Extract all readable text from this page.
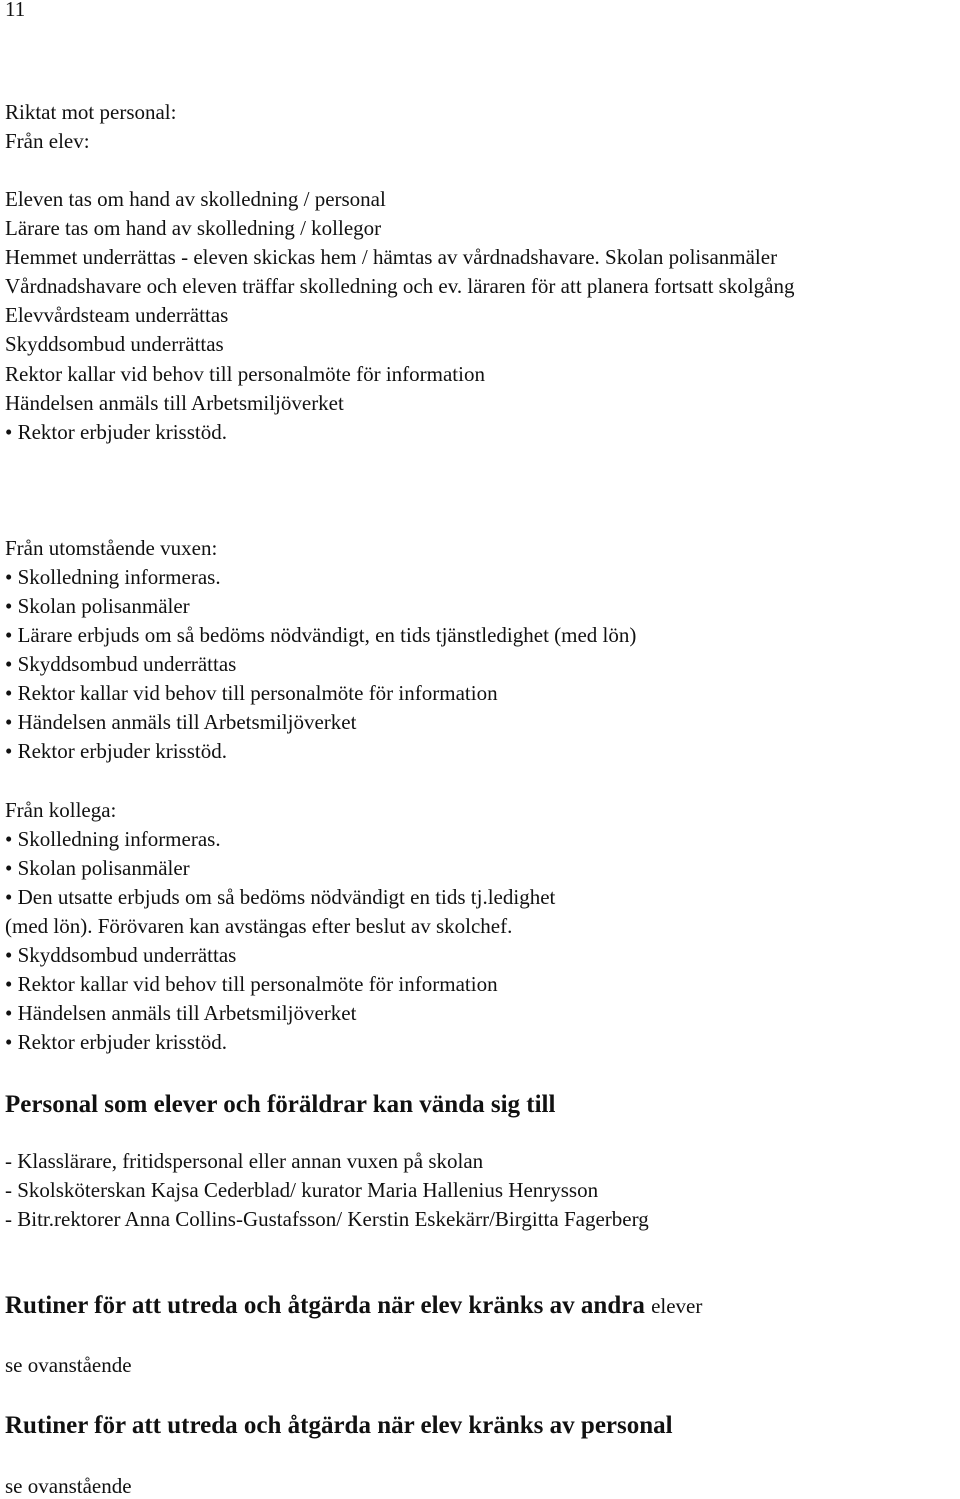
11
Riktat mot personal:
Från elev:
Eleven tas om hand av skolledning / personal
Lärare tas om hand av skolledning / kollegor
Hemmet underrättas - eleven skickas hem / hämtas av vårdnadshavare. Skolan polisanmäler
Vårdnadshavare och eleven träffar skolledning och ev. läraren för att planera fortsatt skolgång
Elevvårdsteam underrättas
Skyddsombud underrättas
Rektor kallar vid behov till personalmöte för information
Händelsen anmäls till Arbetsmiljöverket
• Rektor erbjuder krisstöd.
Från utomstående vuxen:
• Skolledning informeras.
• Skolan polisanmäler
• Lärare erbjuds om så bedöms nödvändigt, en tids tjänstledighet (med lön)
• Skyddsombud underrättas
• Rektor kallar vid behov till personalmöte för information
• Händelsen anmäls till Arbetsmiljöverket
• Rektor erbjuder krisstöd.
Från kollega:
• Skolledning informeras.
• Skolan polisanmäler
• Den utsatte erbjuds om så bedöms nödvändigt en tids tj.ledighet
(med lön). Förövaren kan avstängas efter beslut av skolchef.
• Skyddsombud underrättas
• Rektor kallar vid behov till personalmöte för information
• Händelsen anmäls till Arbetsmiljöverket
• Rektor erbjuder krisstöd.
Personal som elever och föräldrar kan vända sig till
- Klasslärare, fritidspersonal eller annan vuxen på skolan
- Skolsköterskan Kajsa Cederblad/ kurator Maria Hallenius Henrysson
- Bitr.rektorer Anna Collins-Gustafsson/ Kerstin Eskekärr/Birgitta Fagerberg
Rutiner för att utreda och åtgärda när elev kränks av andra elever
se ovanstående
Rutiner för att utreda och åtgärda när elev kränks av personal
se ovanstående
